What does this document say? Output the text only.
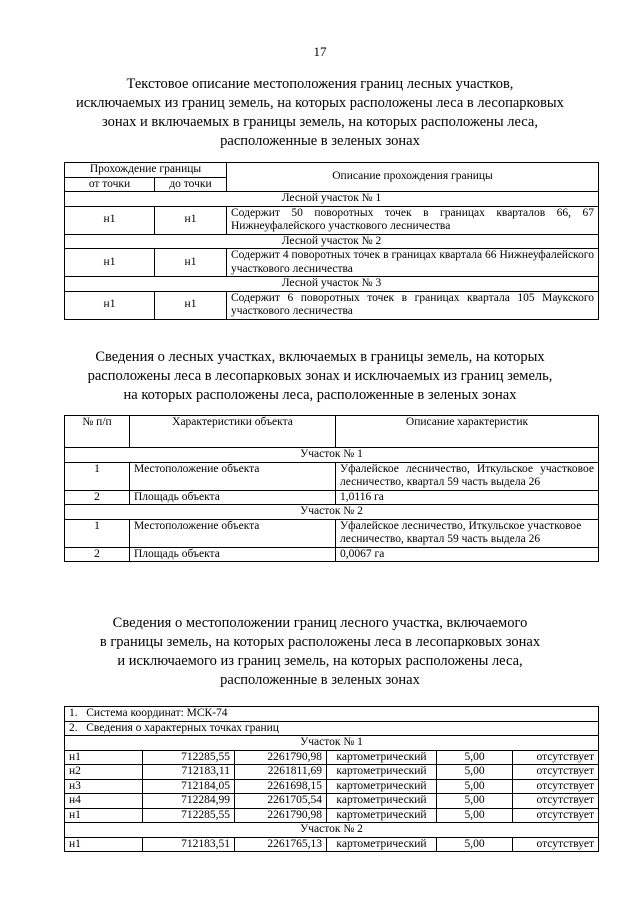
17
Текстовое описание местоположения границ лесных участков,
исключаемых из границ земель, на которых расположены леса в лесопарковых
зонах и включаемых в границы земель, на которых расположены леса,
расположенные в зеленых зонах
Прохождение границы		Описание прохождения границы
от точки	до точки	
Лесной участок № 1		
н1	н1	Содержит 50 поворотных точек в границах кварталов 66, 67 Нижнеуфалейского участкового лесничества
Лесной участок № 2		
н1	н1	Содержит 4 поворотных точек в границах квартала 66 Нижнеуфалейского участкового лесничества
Лесной участок № 3		
н1	н1	Содержит 6 поворотных точек в границах квартала 105 Маукского участкового лесничества
Сведения о лесных участках, включаемых в границы земель, на которых
расположены леса в лесопарковых зонах и исключаемых из границ земель,
на которых расположены леса, расположенные в зеленых зонах
№ п/п	Характеристики объекта	Описание характеристик
Участок № 1		
1	Местоположение объекта	Уфалейское лесничество, Иткульское участковое лесничество, квартал 59 часть выдела 26
2	Площадь объекта	1,0116 га
Участок № 2		
1	Местоположение объекта	Уфалейское лесничество, Иткульское участковое лесничество, квартал 59 часть выдела 26
2	Площадь объекта	0,0067 га
Сведения о местоположении границ лесного участка, включаемого
в границы земель, на которых расположены леса в лесопарковых зонах
и исключаемого из границ земель, на которых расположены леса,
расположенные в зеленых зонах
1.   Система координат: МСК-74					
2.   Сведения о характерных точках границ					
Участок № 1					
н1	712285,55	2261790,98	картометрический	5,00	отсутствует
н2	712183,11	2261811,69	картометрический	5,00	отсутствует
н3	712184,05	2261698,15	картометрический	5,00	отсутствует
н4	712284,99	2261705,54	картометрический	5,00	отсутствует
н1	712285,55	2261790,98	картометрический	5,00	отсутствует
Участок № 2					
н1	712183,51	2261765,13	картометрический	5,00	отсутствует
